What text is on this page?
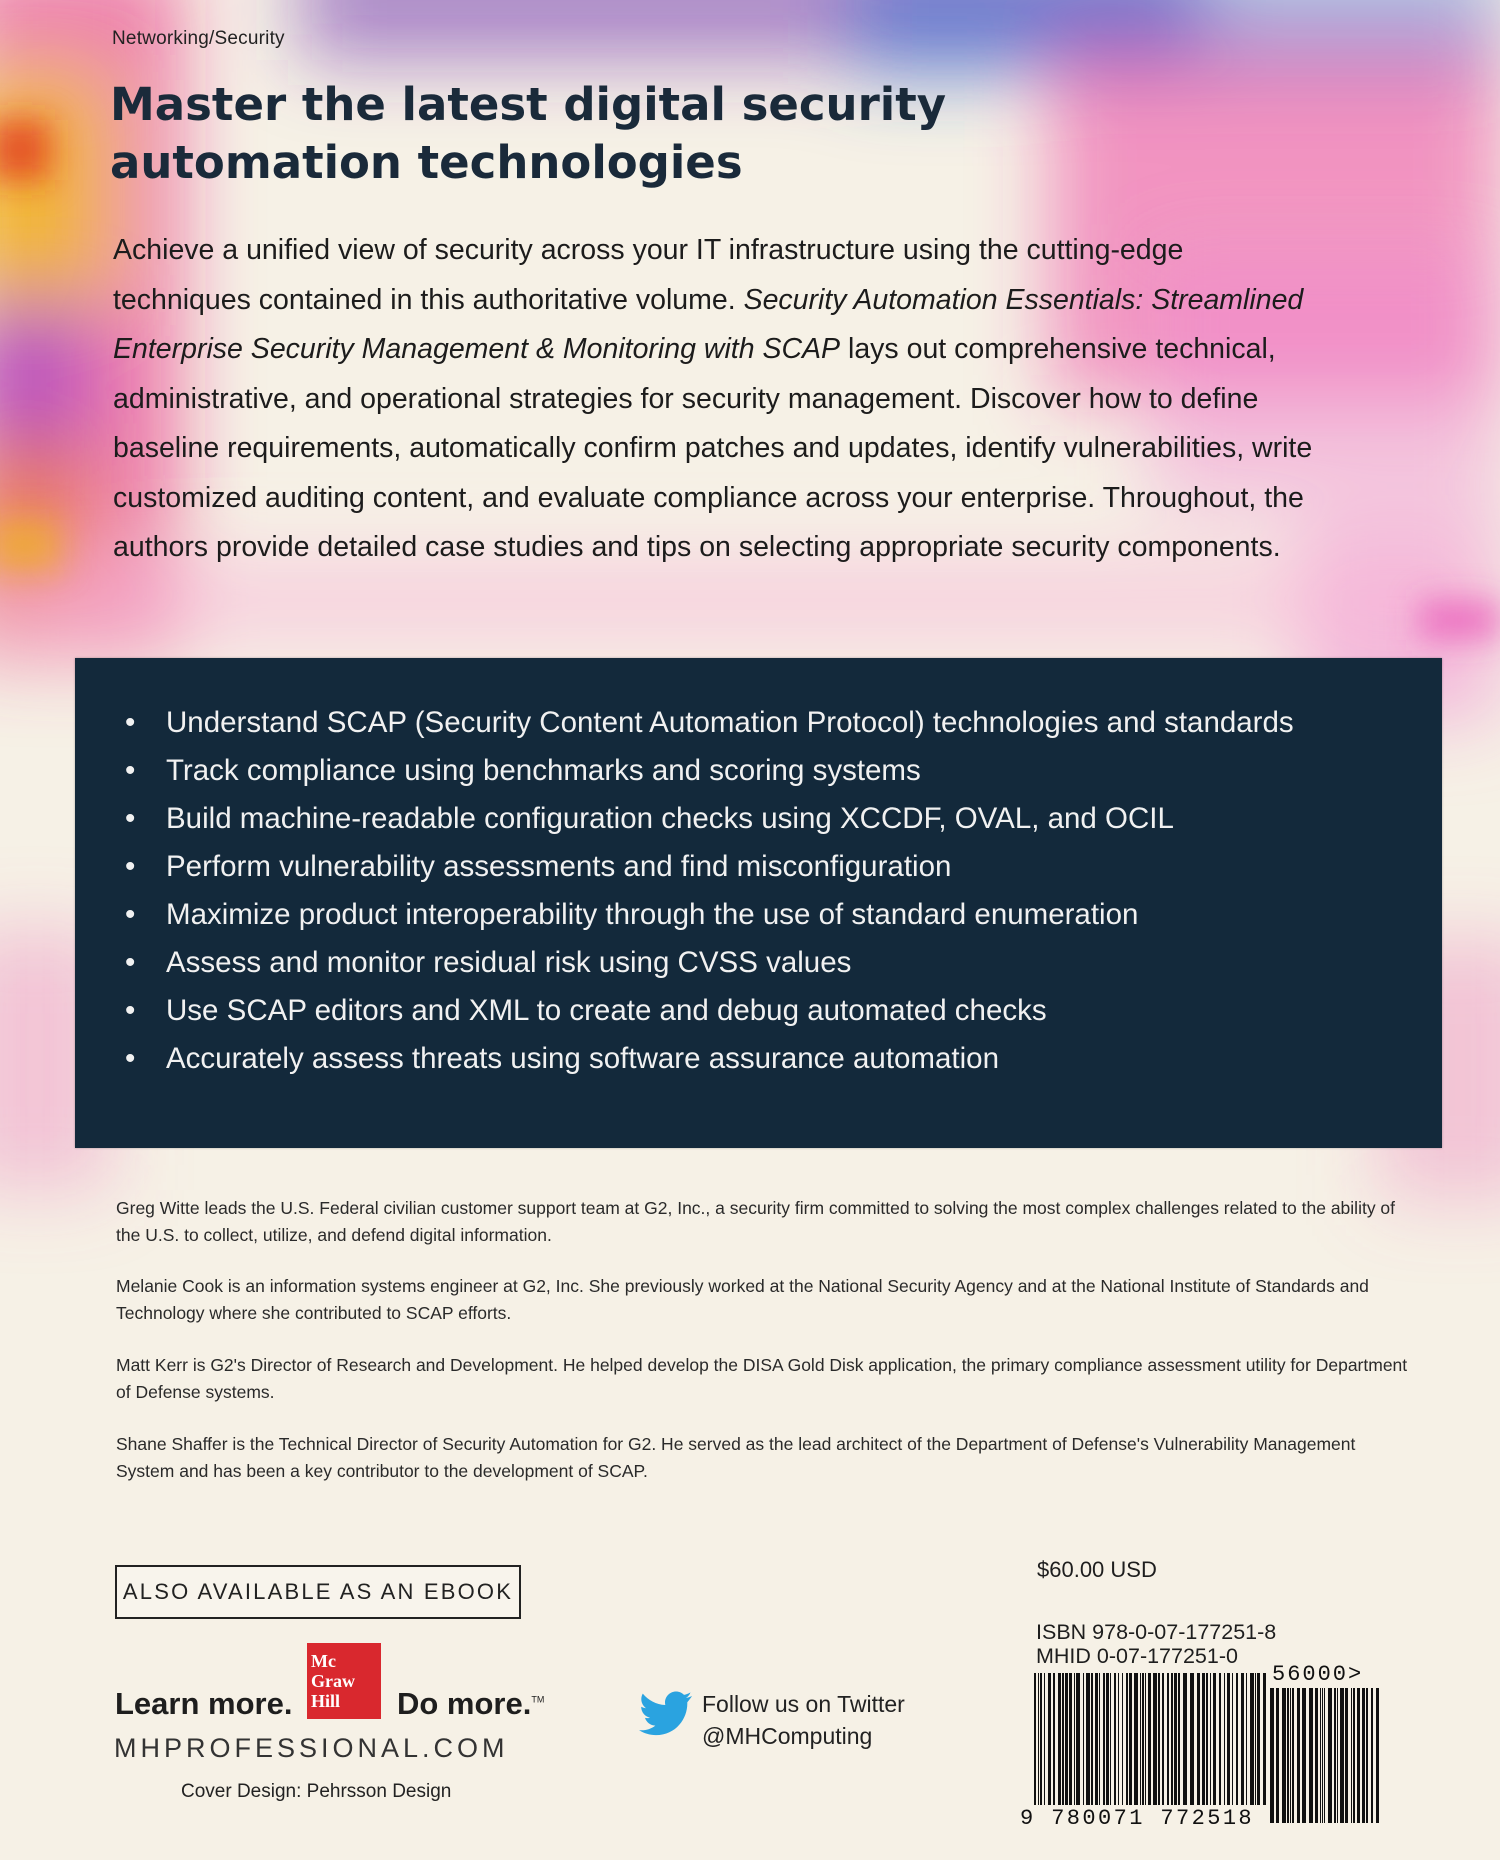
Networking/Security
Master the latest digital security
automation technologies

Achieve a unified view of security across your IT infrastructure using the cutting-edge techniques contained in this authoritative volume. Security Automation Essentials: Streamlined Enterprise Security Management & Monitoring with SCAP lays out comprehensive technical, administrative, and operational strategies for security management. Discover how to define baseline requirements, automatically confirm patches and updates, identify vulnerabilities, write customized auditing content, and evaluate compliance across your enterprise. Throughout, the authors provide detailed case studies and tips on selecting appropriate security components.

• Understand SCAP (Security Content Automation Protocol) technologies and standards
• Track compliance using benchmarks and scoring systems
• Build machine-readable configuration checks using XCCDF, OVAL, and OCIL
• Perform vulnerability assessments and find misconfiguration
• Maximize product interoperability through the use of standard enumeration
• Assess and monitor residual risk using CVSS values
• Use SCAP editors and XML to create and debug automated checks
• Accurately assess threats using software assurance automation

Greg Witte leads the U.S. Federal civilian customer support team at G2, Inc., a security firm committed to solving the most complex challenges related to the ability of the U.S. to collect, utilize, and defend digital information.

Melanie Cook is an information systems engineer at G2, Inc. She previously worked at the National Security Agency and at the National Institute of Standards and Technology where she contributed to SCAP efforts.

Matt Kerr is G2's Director of Research and Development. He helped develop the DISA Gold Disk application, the primary compliance assessment utility for Department of Defense systems.

Shane Shaffer is the Technical Director of Security Automation for G2. He served as the lead architect of the Department of Defense's Vulnerability Management System and has been a key contributor to the development of SCAP.

ALSO AVAILABLE AS AN EBOOK
Learn more.
Mc
Graw
Hill	Do more.™
MHPROFESSIONAL.COM
Cover Design: Pehrsson Design
Follow us on Twitter
@MHComputing
$60.00 USD
ISBN 978-0-07-177251-8
MHID 0-07-177251-0
56000>
9 780071 772518
